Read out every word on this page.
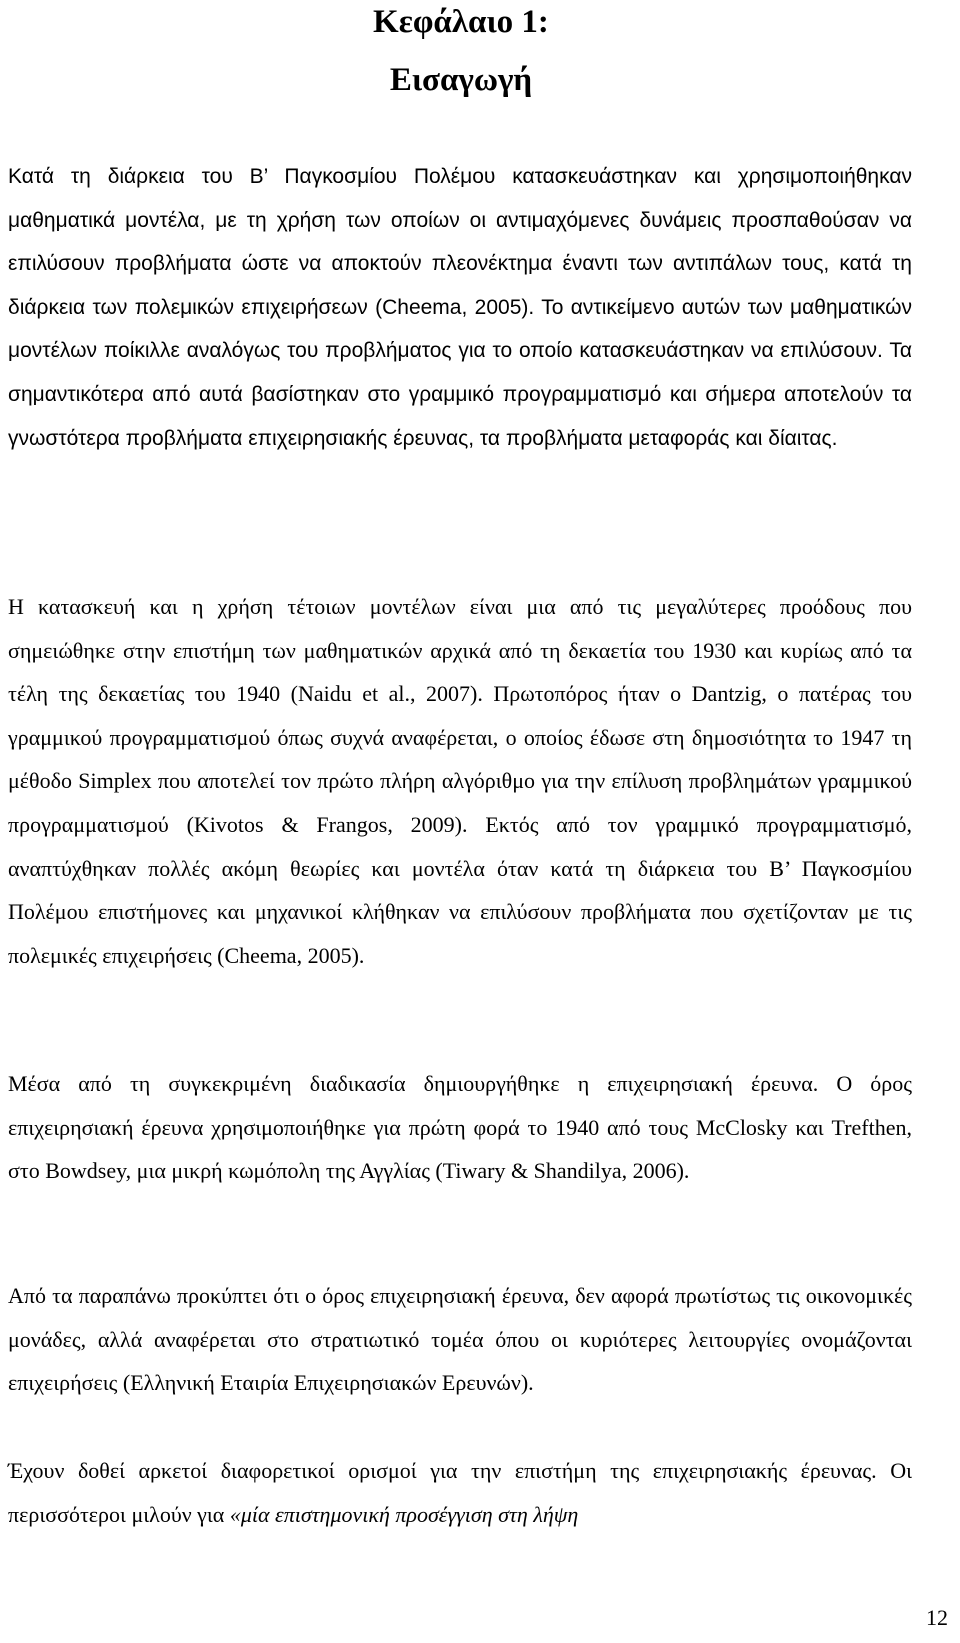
Κεφάλαιο 1:
Εισαγωγή

Κατά τη διάρκεια του Β’ Παγκοσμίου Πολέμου κατασκευάστηκαν και χρησιμοποιήθηκαν μαθηματικά μοντέλα, με τη χρήση των οποίων οι αντιμαχόμενες δυνάμεις προσπαθούσαν να επιλύσουν προβλήματα ώστε να αποκτούν πλεονέκτημα έναντι των αντιπάλων τους, κατά τη διάρκεια των πολεμικών επιχειρήσεων (Cheema, 2005). Το αντικείμενο αυτών των μαθηματικών μοντέλων ποίκιλλε αναλόγως του προβλήματος για το οποίο κατασκευάστηκαν να επιλύσουν. Τα σημαντικότερα από αυτά βασίστηκαν στο γραμμικό προγραμματισμό και σήμερα αποτελούν τα γνωστότερα προβλήματα επιχειρησιακής έρευνας, τα προβλήματα μεταφοράς και δίαιτας.

Η κατασκευή και η χρήση τέτοιων μοντέλων είναι μια από τις μεγαλύτερες προόδους που σημειώθηκε στην επιστήμη των μαθηματικών αρχικά από τη δεκαετία του 1930 και κυρίως από τα τέλη της δεκαετίας του 1940 (Naidu et al., 2007). Πρωτοπόρος ήταν ο Dantzig, ο πατέρας του γραμμικού προγραμματισμού όπως συχνά αναφέρεται, ο οποίος έδωσε στη δημοσιότητα το 1947 τη μέθοδο Simplex που αποτελεί τον πρώτο πλήρη αλγόριθμο για την επίλυση προβλημάτων γραμμικού προγραμματισμού (Kivotos & Frangos, 2009). Εκτός από τον γραμμικό προγραμματισμό, αναπτύχθηκαν πολλές ακόμη θεωρίες και μοντέλα όταν κατά τη διάρκεια του Β’ Παγκοσμίου Πολέμου επιστήμονες και μηχανικοί κλήθηκαν να επιλύσουν προβλήματα που σχετίζονταν με τις πολεμικές επιχειρήσεις (Cheema, 2005).

Μέσα από τη συγκεκριμένη διαδικασία δημιουργήθηκε η επιχειρησιακή έρευνα. Ο όρος επιχειρησιακή έρευνα χρησιμοποιήθηκε για πρώτη φορά το 1940 από τους McClosky και Trefthen, στο Bowdsey, μια μικρή κωμόπολη της Αγγλίας (Tiwary & Shandilya, 2006).

Από τα παραπάνω προκύπτει ότι ο όρος επιχειρησιακή έρευνα, δεν αφορά πρωτίστως τις οικονομικές μονάδες, αλλά αναφέρεται στο στρατιωτικό τομέα όπου οι κυριότερες λειτουργίες ονομάζονται επιχειρήσεις (Ελληνική Εταιρία Επιχειρησιακών Ερευνών).

Έχουν δοθεί αρκετοί διαφορετικοί ορισμοί για την επιστήμη της επιχειρησιακής έρευνας. Οι περισσότεροι μιλούν για «μία επιστημονική προσέγγιση στη λήψη

12
